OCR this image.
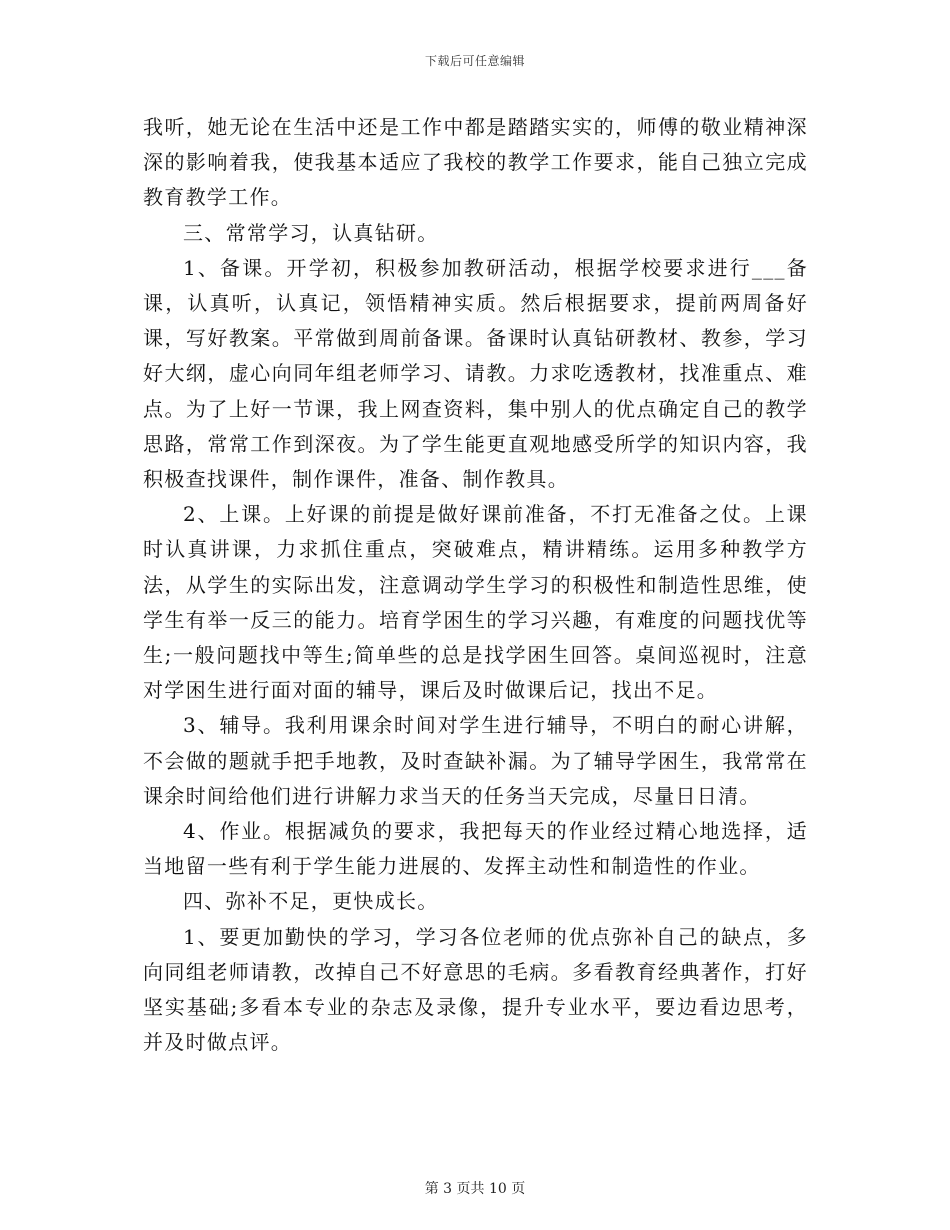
下载后可任意编辑

我听，她无论在生活中还是工作中都是踏踏实实的，师傅的敬业精神深深的影响着我，使我基本适应了我校的教学工作要求，能自己独立完成教育教学工作。

三、常常学习，认真钻研。

1、备课。开学初，积极参加教研活动，根据学校要求进行___备课，认真听，认真记，领悟精神实质。然后根据要求，提前两周备好课，写好教案。平常做到周前备课。备课时认真钻研教材、教参，学习好大纲，虚心向同年组老师学习、请教。力求吃透教材，找准重点、难点。为了上好一节课，我上网查资料，集中别人的优点确定自己的教学思路，常常工作到深夜。为了学生能更直观地感受所学的知识内容，我积极查找课件，制作课件，准备、制作教具。

2、上课。上好课的前提是做好课前准备，不打无准备之仗。上课时认真讲课，力求抓住重点，突破难点，精讲精练。运用多种教学方法，从学生的实际出发，注意调动学生学习的积极性和制造性思维，使学生有举一反三的能力。培育学困生的学习兴趣，有难度的问题找优等生;一般问题找中等生;简单些的总是找学困生回答。桌间巡视时，注意对学困生进行面对面的辅导，课后及时做课后记，找出不足。

3、辅导。我利用课余时间对学生进行辅导，不明白的耐心讲解，不会做的题就手把手地教，及时查缺补漏。为了辅导学困生，我常常在课余时间给他们进行讲解力求当天的任务当天完成，尽量日日清。

4、作业。根据减负的要求，我把每天的作业经过精心地选择，适当地留一些有利于学生能力进展的、发挥主动性和制造性的作业。

四、弥补不足，更快成长。

1、要更加勤快的学习，学习各位老师的优点弥补自己的缺点，多向同组老师请教，改掉自己不好意思的毛病。多看教育经典著作，打好坚实基础;多看本专业的杂志及录像，提升专业水平，要边看边思考，并及时做点评。

第 3 页共 10 页
